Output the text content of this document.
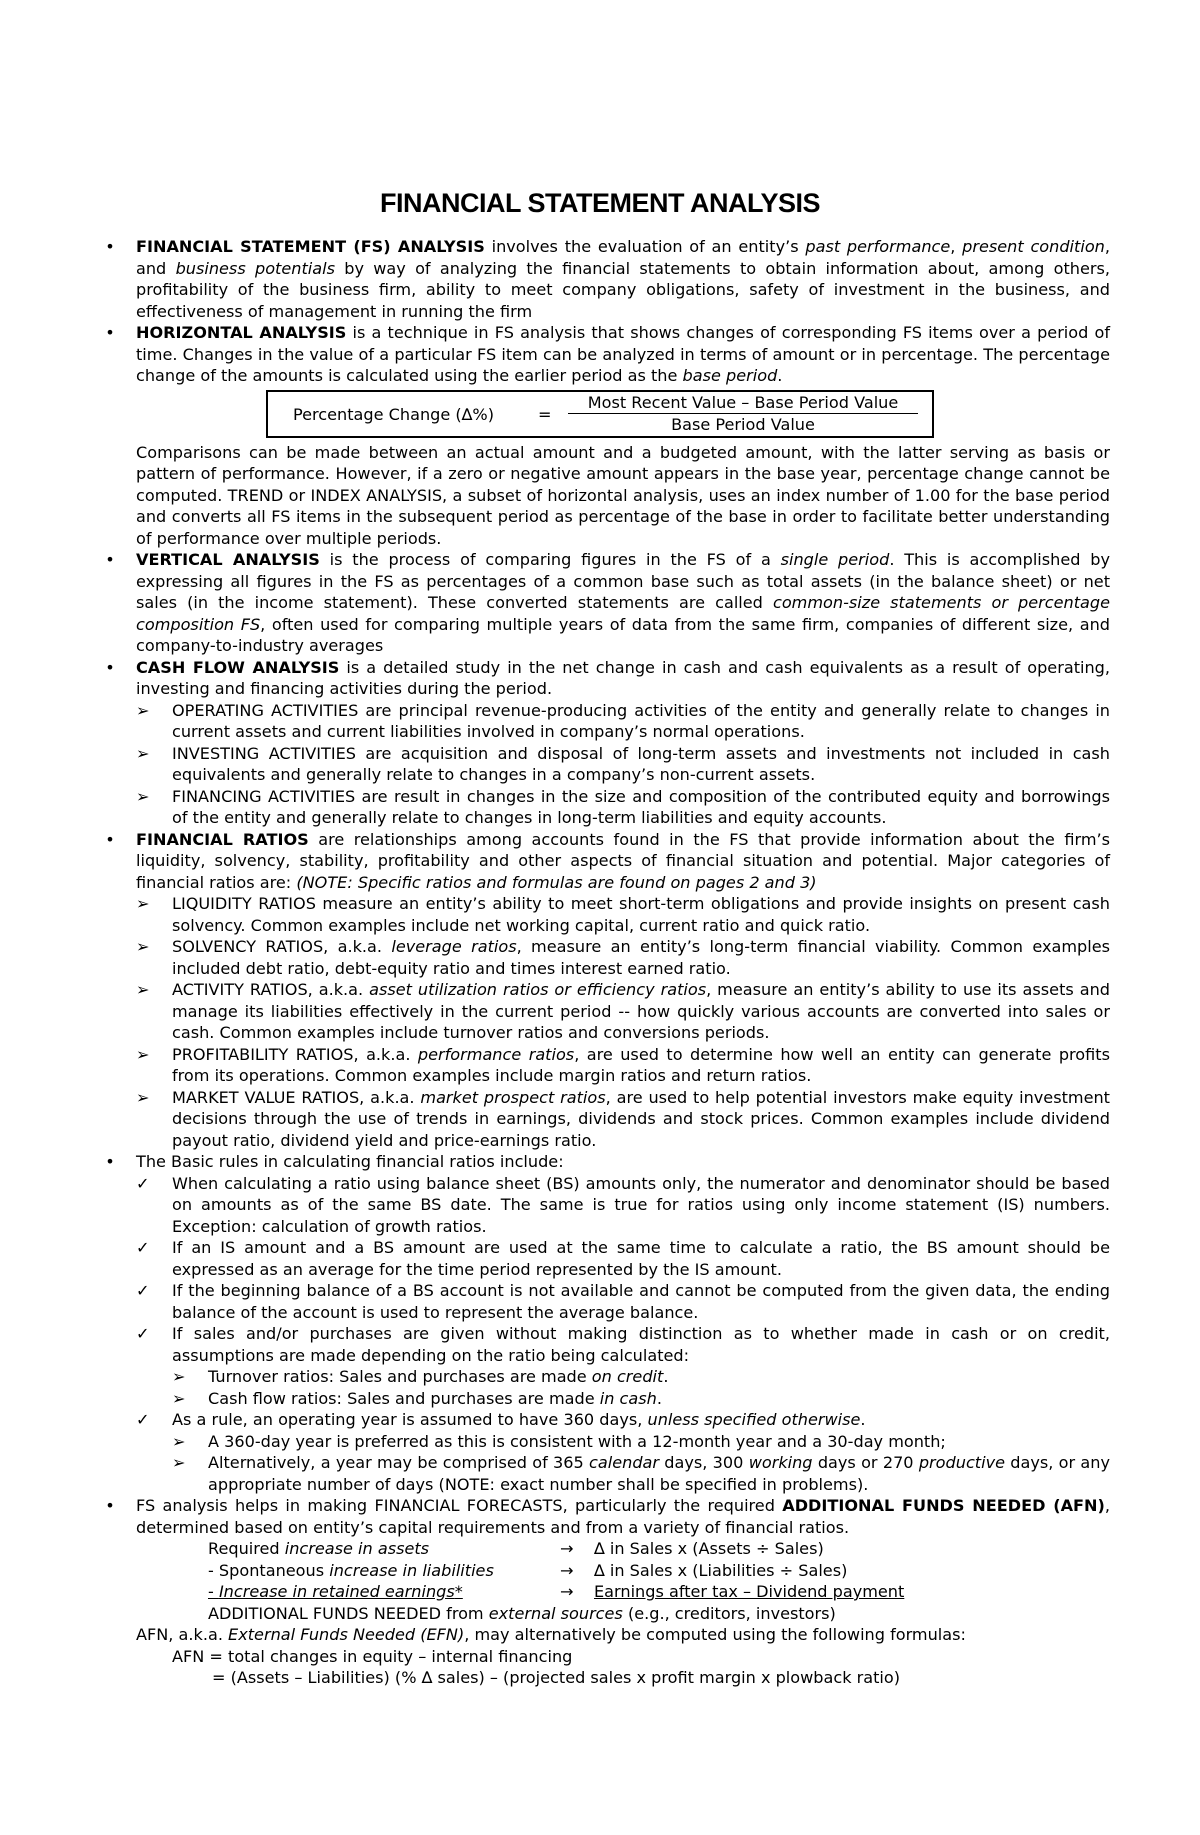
FINANCIAL STATEMENT ANALYSIS
•	FINANCIAL STATEMENT (FS) ANALYSIS involves the evaluation of an entity’s past performance, present condition, and business potentials by way of analyzing the financial statements to obtain information about, among others, profitability of the business firm, ability to meet company obligations, safety of investment in the business, and effectiveness of management in running the firm
•	HORIZONTAL ANALYSIS is a technique in FS analysis that shows changes of corresponding FS items over a period of time. Changes in the value of a particular FS item can be analyzed in terms of amount or in percentage. The percentage change of the amounts is calculated using the earlier period as the base period.
Percentage Change (∆%)	=
Most Recent Value – Base Period Value
Base Period Value
Comparisons can be made between an actual amount and a budgeted amount, with the latter serving as basis or pattern of performance. However, if a zero or negative amount appears in the base year, percentage change cannot be computed. TREND or INDEX ANALYSIS, a subset of horizontal analysis, uses an index number of 1.00 for the base period and converts all FS items in the subsequent period as percentage of the base in order to facilitate better understanding of performance over multiple periods.
•	VERTICAL ANALYSIS is the process of comparing figures in the FS of a single period. This is accomplished by expressing all figures in the FS as percentages of a common base such as total assets (in the balance sheet) or net sales (in the income statement). These converted statements are called common-size statements or percentage composition FS, often used for comparing multiple years of data from the same firm, companies of different size, and company-to-industry averages
•	CASH FLOW ANALYSIS is a detailed study in the net change in cash and cash equivalents as a result of operating, investing and financing activities during the period.
➢	OPERATING ACTIVITIES are principal revenue-producing activities of the entity and generally relate to changes in current assets and current liabilities involved in company’s normal operations.
➢	INVESTING ACTIVITIES are acquisition and disposal of long-term assets and investments not included in cash equivalents and generally relate to changes in a company’s non-current assets.
➢	FINANCING ACTIVITIES are result in changes in the size and composition of the contributed equity and borrowings of the entity and generally relate to changes in long-term liabilities and equity accounts.
•	FINANCIAL RATIOS are relationships among accounts found in the FS that provide information about the firm’s liquidity, solvency, stability, profitability and other aspects of financial situation and potential. Major categories of financial ratios are: (NOTE: Specific ratios and formulas are found on pages 2 and 3)
➢	LIQUIDITY RATIOS measure an entity’s ability to meet short-term obligations and provide insights on present cash solvency. Common examples include net working capital, current ratio and quick ratio.
➢	SOLVENCY RATIOS, a.k.a. leverage ratios, measure an entity’s long-term financial viability. Common examples included debt ratio, debt-equity ratio and times interest earned ratio.
➢	ACTIVITY RATIOS, a.k.a. asset utilization ratios or efficiency ratios, measure an entity’s ability to use its assets and manage its liabilities effectively in the current period -- how quickly various accounts are converted into sales or cash. Common examples include turnover ratios and conversions periods.
➢	PROFITABILITY RATIOS, a.k.a. performance ratios, are used to determine how well an entity can generate profits from its operations. Common examples include margin ratios and return ratios.
➢	MARKET VALUE RATIOS, a.k.a. market prospect ratios, are used to help potential investors make equity investment decisions through the use of trends in earnings, dividends and stock prices. Common examples include dividend payout ratio, dividend yield and price-earnings ratio.
•	The Basic rules in calculating financial ratios include:
✓	When calculating a ratio using balance sheet (BS) amounts only, the numerator and denominator should be based on amounts as of the same BS date. The same is true for ratios using only income statement (IS) numbers. Exception: calculation of growth ratios.
✓	If an IS amount and a BS amount are used at the same time to calculate a ratio, the BS amount should be expressed as an average for the time period represented by the IS amount.
✓	If the beginning balance of a BS account is not available and cannot be computed from the given data, the ending balance of the account is used to represent the average balance.
✓	If sales and/or purchases are given without making distinction as to whether made in cash or on credit, assumptions are made depending on the ratio being calculated:
➢	Turnover ratios: Sales and purchases are made on credit.
➢	Cash flow ratios: Sales and purchases are made in cash.
✓	As a rule, an operating year is assumed to have 360 days, unless specified otherwise.
➢	A 360-day year is preferred as this is consistent with a 12-month year and a 30-day month;
➢	Alternatively, a year may be comprised of 365 calendar days, 300 working days or 270 productive days, or any appropriate number of days (NOTE: exact number shall be specified in problems).
•	FS analysis helps in making FINANCIAL FORECASTS, particularly the required ADDITIONAL FUNDS NEEDED (AFN), determined based on entity’s capital requirements and from a variety of financial ratios.
Required increase in assets	→ ∆ in Sales x (Assets ÷ Sales)
- Spontaneous increase in liabilities	→ ∆ in Sales x (Liabilities ÷ Sales)
- Increase in retained earnings*	→ Earnings after tax – Dividend payment
ADDITIONAL FUNDS NEEDED from external sources (e.g., creditors, investors)
AFN, a.k.a. External Funds Needed (EFN), may alternatively be computed using the following formulas:
AFN = total changes in equity – internal financing
= (Assets – Liabilities) (% ∆ sales) – (projected sales x profit margin x plowback ratio)
